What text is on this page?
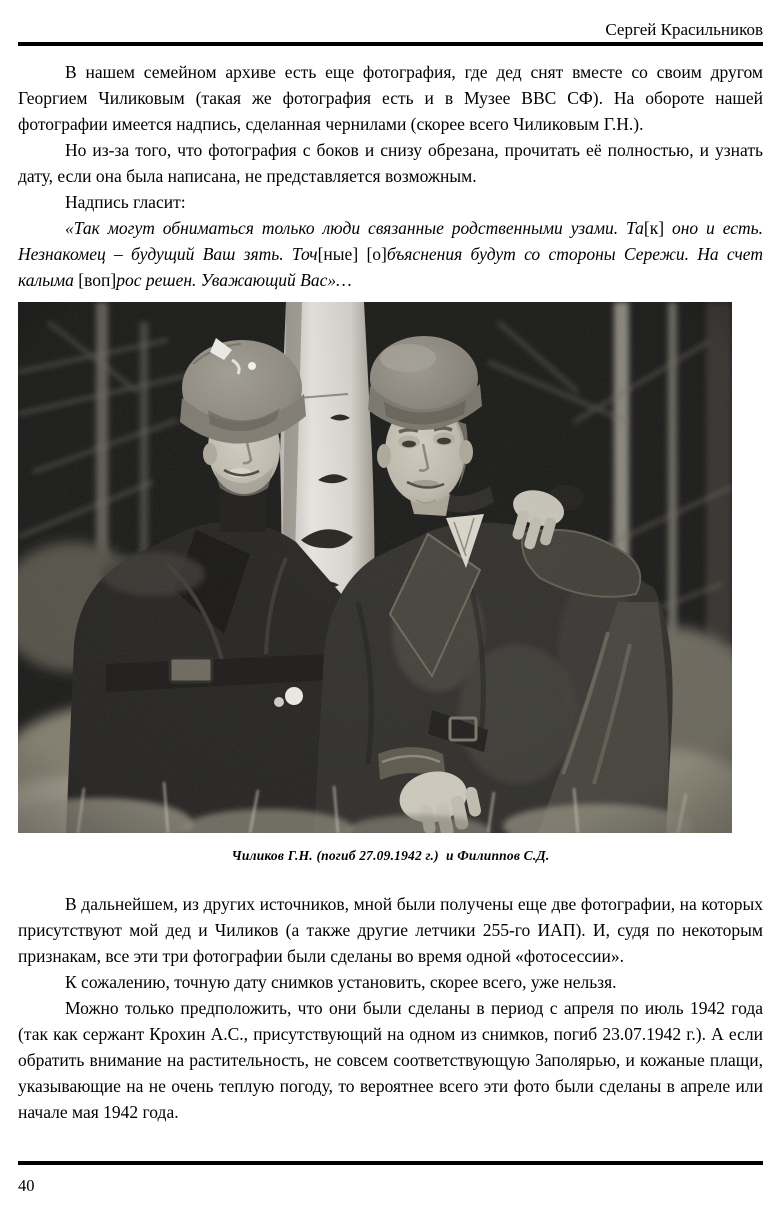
Сергей Красильников

В нашем семейном архиве есть еще фотография, где дед снят вместе со своим другом Георгием Чиликовым (такая же фотография есть и в Музее ВВС СФ). На обороте нашей фотографии имеется надпись, сделанная чернилами (скорее всего Чиликовым Г.Н.).

Но из-за того, что фотография с боков и снизу обрезана, прочитать её полностью, и узнать дату, если она была написана, не представляется возможным.

Надпись гласит:

«Так могут обниматься только люди связанные родственными узами. Та[к] оно и есть. Незнакомец – будущий Ваш зять. Точ[ные] [о]бъяснения будут со стороны Сережи. На счет калыма [воп]рос решен. Уважающий Вас»…

Чиликов Г.Н. (погиб 27.09.1942 г.)  и Филиппов С.Д.

В дальнейшем, из других источников, мной были получены еще две фотографии, на которых присутствуют мой дед и Чиликов (а также другие летчики 255-го ИАП). И, судя по некоторым признакам, все эти три фотографии были сделаны во время одной «фотосессии».

К сожалению, точную дату снимков установить, скорее всего, уже нельзя.

Можно только предположить, что они были сделаны в период с апреля по июль 1942 года (так как сержант Крохин А.С., присутствующий на одном из снимков, погиб 23.07.1942 г.). А если обратить внимание на растительность, не совсем соответствующую Заполярью, и кожаные плащи, указывающие на не очень теплую погоду, то вероятнее всего эти фото были сделаны в апреле или начале мая 1942 года.

40
